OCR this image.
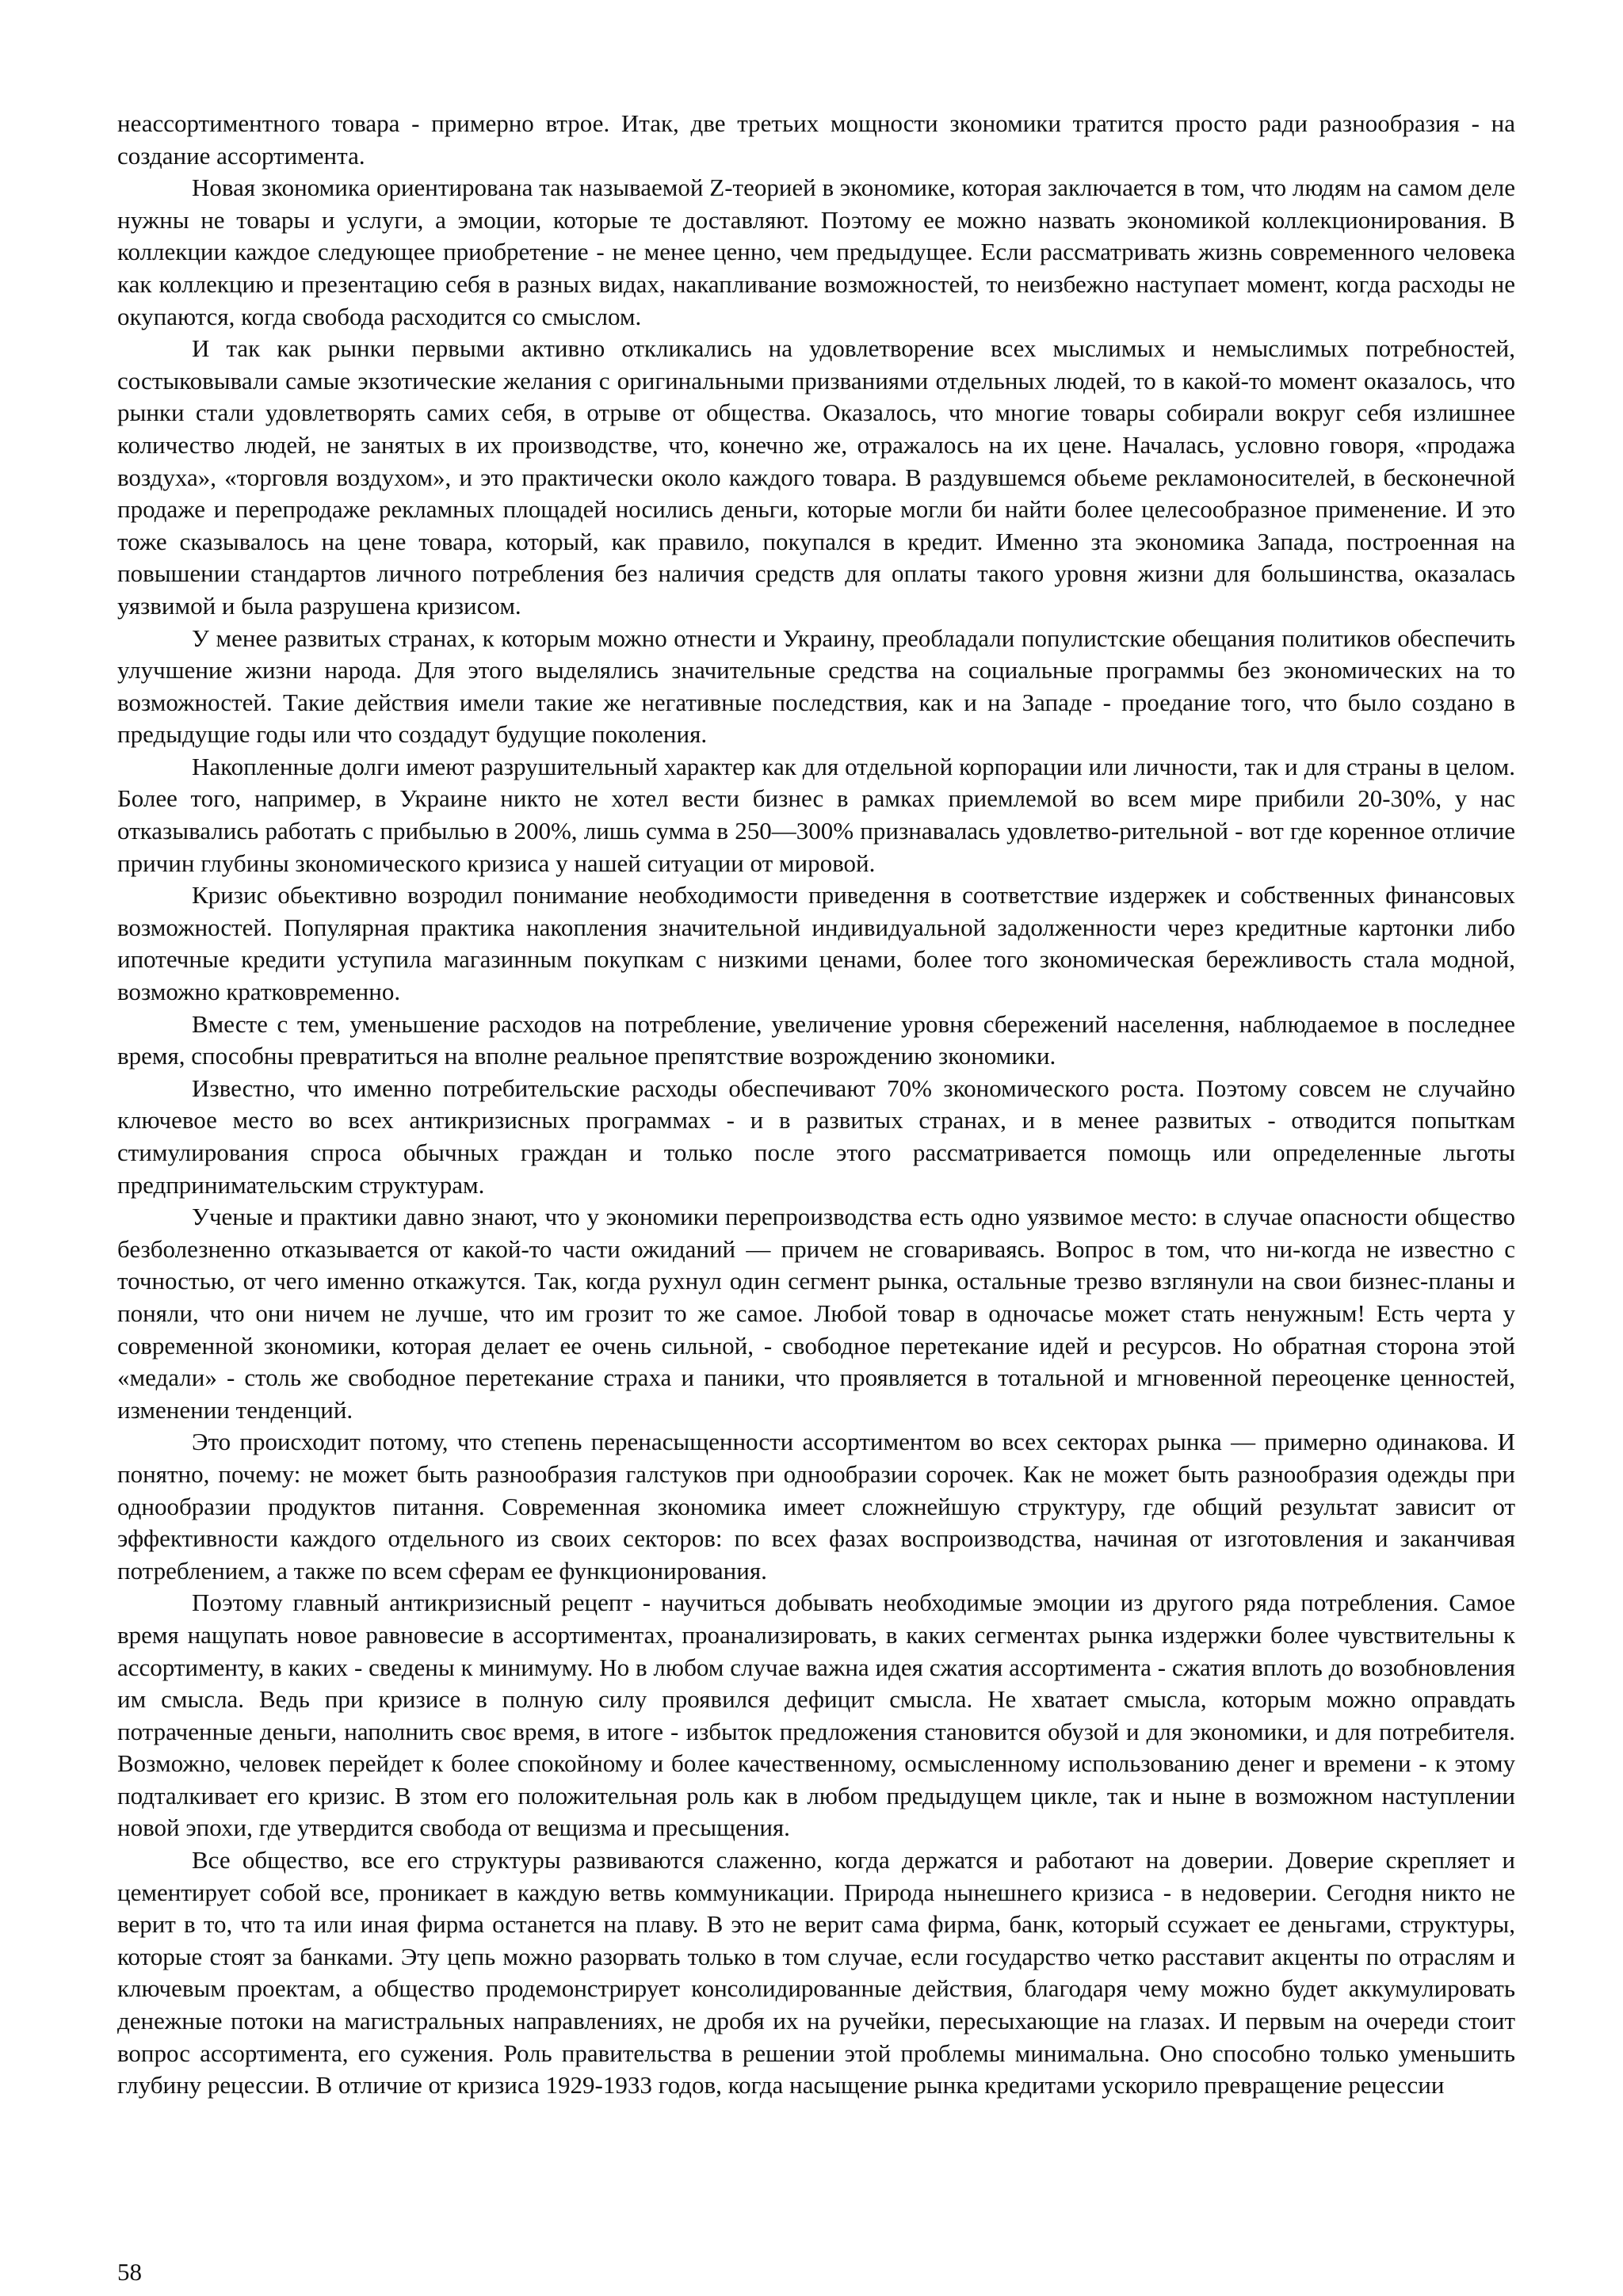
неассортиментного товара - примерно втрое. Итак, две третьих мощности зкономики тратится просто ради разнообразия - на создание ассортимента.

Новая зкономика ориентирована так называемой Z-теорией в экономике, которая заключается в том, что людям на самом деле нужны не товары и услуги, а эмоции, которые те доставляют. Поэтому ее можно назвать экономикой коллекционирования. В коллекции каждое следующее приобретение - не менее ценно, чем предыдущее. Если рассматривать жизнь современного человека как коллекцию и презентацию себя в разных видах, накапливание возможностей, то неизбежно наступает момент, когда расходы не окупаются, когда свобода расходится со смыслом.

И так как рынки первыми активно откликались на удовлетворение всех мыслимых и немыслимых потребностей, состыковывали самые экзотические желания с оригинальными призваниями отдельных людей, то в какой-то момент оказалось, что рынки стали удовлетворять самих себя, в отрыве от общества. Оказалось, что многие товары собирали вокруг себя излишнее количество людей, не занятых в их производстве, что, конечно же, отражалось на их цене. Началась, условно говоря, «продажа воздуха», «торговля воздухом», и это практически около каждого товара. В раздувшемся обьеме рекламоносителей, в бесконечной продаже и перепродаже рекламных площадей носились деньги, которые могли би найти более целесообразное применение. И это тоже сказывалось на цене товара, который, как правило, покупался в кредит. Именно зта экономика Запада, построенная на повышении стандартов личного потребления без наличия средств для оплаты такого уровня жизни для большинства, оказалась уязвимой и была разрушена кризисом.

У менее развитых странах, к которым можно отнести и Украину, преобладали популистские обещания политиков обеспечить улучшение жизни народа. Для этого выделялись значительные средства на социальные программы без экономических на то возможностей. Такие действия имели такие же негативные последствия, как и на Западе - проедание того, что было создано в предыдущие годы или что создадут будущие поколения.

Накопленные долги имеют разрушительный характер как для отдельной корпорации или личности, так и для страны в целом. Более того, например, в Украине никто не хотел вести бизнес в рамках приемлемой во всем мире прибили 20-30%, у нас отказывались работать с прибылью в 200%, лишь сумма в 250—300% признавалась удовлетво-рительной - вот где коренное отличие причин глубины зкономического кризиса у нашей ситуации от мировой.

Кризис обьективно возродил понимание необходимости приведення в соответствие издержек и собственных финансовых возможностей. Популярная практика накопления значительной индивидуальной задолженности через кредитные картонки либо ипотечные кредити уступила магазинным покупкам с низкими ценами, более того зкономическая бережливость стала модной, возможно кратковременно.

Вместе с тем, уменьшение расходов на потребление, увеличение уровня сбережений населення, наблюдаемое в последнее время, способны превратиться на вполне реальное препятствие возрождению зкономики.

Известно, что именно потребительские расходы обеспечивают 70% зкономического роста. Поэтому совсем не случайно ключевое место во всех антикризисных программах - и в развитых странах, и в менее развитых - отводится попыткам стимулирования спроса обычных граждан и только после этого рассматривается помощь или определенные льготы предпринимательским структурам.

Ученые и практики давно знают, что у экономики перепроизводства есть одно уязвимое место: в случае опасности общество безболезненно отказывается от какой-то части ожиданий — причем не сговариваясь. Вопрос в том, что ни-когда не известно с точностью, от чего именно откажутся. Так, когда рухнул один сегмент рынка, остальные трезво взглянули на свои бизнес-планы и поняли, что они ничем не лучше, что им грозит то же самое. Любой товар в одночасье может стать ненужным! Есть черта у современной зкономики, которая делает ее очень сильной, - свободное перетекание идей и ресурсов. Но обратная сторона этой «медали» - столь же свободное перетекание страха и паники, что проявляется в тотальной и мгновенной переоценке ценностей, изменении тенденций.

Это происходит потому, что степень перенасыщенности ассортиментом во всех секторах рынка — примерно одинакова. И понятно, почему: не может быть разнообразия галстуков при однообразии сорочек. Как не может быть разнообразия одежды при однообразии продуктов питання. Современная зкономика имеет сложнейшую структуру, где общий результат зависит от эффективности каждого отдельного из своих секторов: по всех фазах воспроизводства, начиная от изготовления и заканчивая потреблением, а также по всем сферам ее функционирования.

Поэтому главный антикризисный рецепт - научиться добывать необходимые эмоции из другого ряда потребления. Самое время нащупать новое равновесие в ассортиментах, проанализировать, в каких сегментах рынка издержки более чувствительны к ассортименту, в каких - сведены к минимуму. Но в любом случае важна идея сжатия ассортимента - сжатия вплоть до возобновления им смысла. Ведь при кризисе в полную силу проявился дефицит смысла. Не хватает смысла, которым можно оправдать потраченные деньги, наполнить своє время, в итоге - избыток предложения становится обузой и для экономики, и для потребителя. Возможно, человек перейдет к более спокойному и более качественному, осмысленному использованию денег и времени - к этому подталкивает его кризис. В зтом его положительная роль как в любом предыдущем цикле, так и ныне в возможном наступлении новой эпохи, где утвердится свобода от вещизма и пресыщения.

Все общество, все его структуры развиваются слаженно, когда держатся и работают на доверии. Доверие скрепляет и цементирует собой все, проникает в каждую ветвь коммуникации. Природа нынешнего кризиса - в недоверии. Сегодня никто не верит в то, что та или иная фирма останется на плаву. В это не верит сама фирма, банк, который ссужает ее деньгами, структуры, которые стоят за банками. Эту цепь можно разорвать только в том случае, если государство четко расставит акценты по отраслям и ключевым проектам, а общество продемонстрирует консолидированные действия, благодаря чему можно будет аккумулировать денежные потоки на магистральных направлениях, не дробя их на ручейки, пересыхающие на глазах. И первым на очереди стоит вопрос ассортимента, его сужения. Роль правительства в решении этой проблемы минимальна. Оно способно только уменьшить глубину рецессии. В отличие от кризиса 1929-1933 годов, когда насыщение рынка кредитами ускорило превращение рецессии

58
